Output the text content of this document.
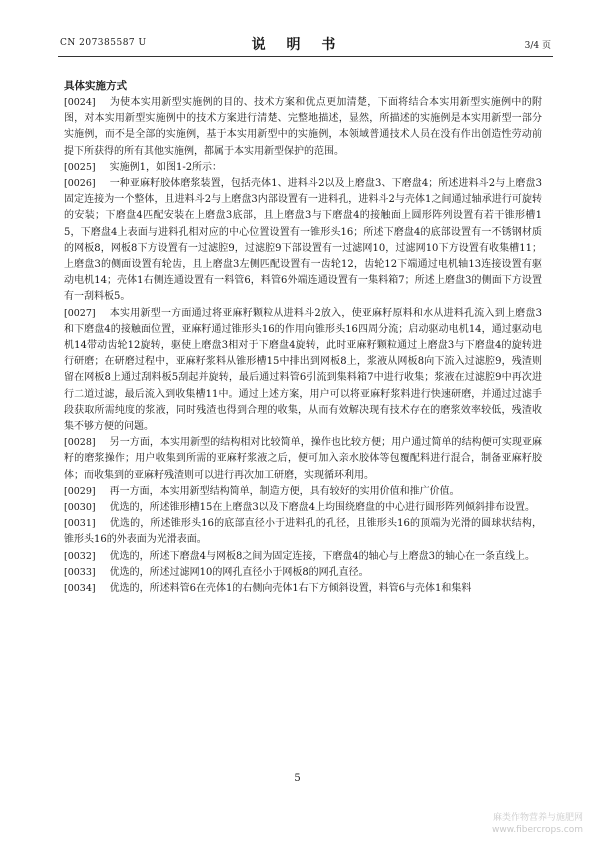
CN 207385587 U	说 明 书	3/4 页

具体实施方式

[0024] 为使本实用新型实施例的目的、技术方案和优点更加清楚，下面将结合本实用新型实施例中的附图，对本实用新型实施例中的技术方案进行清楚、完整地描述，显然，所描述的实施例是本实用新型一部分实施例，而不是全部的实施例，基于本实用新型中的实施例，本领域普通技术人员在没有作出创造性劳动前提下所获得的所有其他实施例，都属于本实用新型保护的范围。

[0025] 实施例1，如图1-2所示：

[0026] 一种亚麻籽胶体磨浆装置，包括壳体1、进料斗2以及上磨盘3、下磨盘4；所述进料斗2与上磨盘3固定连接为一个整体，且进料斗2与上磨盘3内部设置有一进料孔，进料斗2与壳体1之间通过轴承进行可旋转的安装；下磨盘4匹配安装在上磨盘3底部，且上磨盘3与下磨盘4的接触面上圆形阵列设置有若干锥形槽15，下磨盘4上表面与进料孔相对应的中心位置设置有一锥形头16；所述下磨盘4的底部设置有一不锈钢材质的网板8，网板8下方设置有一过滤腔9，过滤腔9下部设置有一过滤网10，过滤网10下方设置有收集槽11；上磨盘3的侧面设置有轮齿，且上磨盘3左侧匹配设置有一齿轮12，齿轮12下端通过电机轴13连接设置有驱动电机14；壳体1右侧连通设置有一料管6，料管6外端连通设置有一集料箱7；所述上磨盘3的侧面下方设置有一刮料板5。

[0027] 本实用新型一方面通过将亚麻籽颗粒从进料斗2放入，使亚麻籽原料和水从进料孔流入到上磨盘3和下磨盘4的接触面位置，亚麻籽通过锥形头16的作用向锥形头16四周分流；启动驱动电机14，通过驱动电机14带动齿轮12旋转，驱使上磨盘3相对于下磨盘4旋转，此时亚麻籽颗粒通过上磨盘3与下磨盘4的旋转进行研磨；在研磨过程中，亚麻籽浆料从锥形槽15中排出到网板8上，浆液从网板8向下流入过滤腔9，残渣则留在网板8上通过刮料板5刮起并旋转，最后通过料管6引流到集料箱7中进行收集；浆液在过滤腔9中再次进行二道过滤，最后流入到收集槽11中。通过上述方案，用户可以将亚麻籽浆料进行快速研磨，并通过过滤手段获取所需纯度的浆液，同时残渣也得到合理的收集，从而有效解决现有技术存在的磨浆效率较低，残渣收集不够方便的问题。

[0028] 另一方面，本实用新型的结构相对比较简单，操作也比较方便；用户通过简单的结构便可实现亚麻籽的磨浆操作；用户收集到所需的亚麻籽浆液之后，便可加入亲水胶体等包覆配料进行混合，制备亚麻籽胶体；而收集到的亚麻籽残渣则可以进行再次加工研磨，实现循环利用。

[0029] 再一方面，本实用新型结构简单，制造方便，具有较好的实用价值和推广价值。

[0030] 优选的，所述锥形槽15在上磨盘3以及下磨盘4上均围绕磨盘的中心进行圆形阵列倾斜排布设置。

[0031] 优选的，所述锥形头16的底部直径小于进料孔的孔径，且锥形头16的顶端为光滑的圆球状结构，锥形头16的外表面为光滑表面。

[0032] 优选的，所述下磨盘4与网板8之间为固定连接，下磨盘4的轴心与上磨盘3的轴心在一条直线上。

[0033] 优选的，所述过滤网10的网孔直径小于网板8的网孔直径。

[0034] 优选的，所述料管6在壳体1的右侧向壳体1右下方倾斜设置，料管6与壳体1和集料

5
麻类作物营养与施肥网
www.fibercrops.com
